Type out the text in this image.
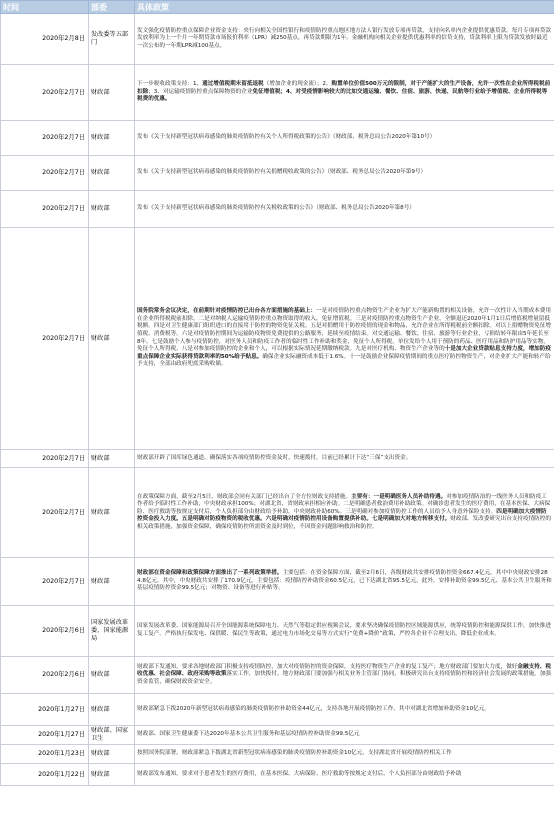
时间	部委	具体政策
2020年2月8日	发改委等五部门	发文强化疫情防控重点保障企业资金支持：央行向相关全国性银行和疫情防控重点地区地方法人银行发放专项再贷款，支持向名单内企业提供优惠贷款。每月专项再贷款发放利率为上一个月一年期贷款市场报价利率（LPR）减250基点。再贷款期限为1年。金融机构向相关企业提供优惠利率的信贷支持，贷款利率上限为贷款发放时最近一次公布的一年期LPR减100基点。
2020年2月7日	财政部	下一步税收政策支持：1、通过增值税期末留抵退税（增加企业的现金流）；2、购置单位价值500万元的限制，对于产能扩大的生产设备，允许一次性在企业所得税税前扣除；3、对运输疫情防控重点保障物资的企业免征增值税；4、对受疫情影响较大的比如交通运输、餐饮、住宿、旅游、快递、民航等行业给予增值税、企业所得税等税费的优惠。
2020年2月7日	财政部	发布《关于支持新型冠状病毒感染的肺炎疫情防控有关个人所得税政策的公告》（财政部、税务总局公告2020年第10号）
2020年2月7日	财政部	发布《关于支持新型冠状病毒感染的肺炎疫情防控有关捐赠税收政策的公告》（财政部、税务总局公告2020年第9号）
2020年2月7日	财政部	发布《关于支持新型冠状病毒感染的肺炎疫情防控有关税收政策的公告》（财政部、税务总局公告2020年第8号）
2020年2月7日	财政部	国务院常务会议决定，在前期针对疫情防控已出台各方面措施的基础上：一是对疫情防控重点物资生产企业为扩大产能新购置的相关设备，允许一次性计入当期成本费用在企业所得税税前扣除。二是对纳税人运输疫情防控重点物资取得的收入，免征增值税。三是对疫情防控重点物资生产企业，全额退还2020年1月1日后增值税增量留抵税额。四是对卫生健康部门组织进口的直接用于防控的物资免征关税。五是对捐赠用于防控疫情的现金和物品，允许企业在所得税税前全额扣除。对以上捐赠物资免征增值税、消费税等。六是对疫情防控期间为运输防疫物资免费提供的公路服务，延续至疫情结束。对交通运输、餐饮、住宿、旅游等行业企业，亏损结转年限由5年延长至8年。七是鼓励个人参与疫情防控，对医务人员和防疫工作者的临时性工作补助和奖金，免征个人所得税。单位发给个人用于预防的药品、医疗用品和防护用品等实物，免征个人所得税。八是对参加疫情防控的企业和个人，可以根据实际情况延期缴纳税款。九是对医疗机构、物资生产企业等的十是加大企业贷款贴息支持力度，增加防疫重点保障企业实际获得贷款利率的50%给予贴息。确保企业实际融资成本低于1.6%。十一是鼓励企业保障疫情期间的重点医疗防控物资生产，对企业扩大产能和转产给予支持，全部由政府兜底采购收储。
2020年2月7日	财政部	财政部开辟了国库绿色通道，确保落实各项疫情防控资金及时、快速拨付，目前已经累计下达“三保”支出资金。
2020年2月7日	财政部	在政策保障方面，截至2月5日，财政部会同有关部门已经出台了全方位财政支持措施。主要有：一是明确医务人员补助待遇。对参加疫情防治的一线医务人员和防疫工作者给予临时性工作补助，中央财政承担100%；对湖北省，省财政承担相应补助。二是明确患者救治费用补助政策。对确诊患者发生的医疗费用，在基本医保、大病保险、医疗救助等按规定支付后，个人负担部分由财政给予补助，中央财政补助60%。三是明确对参加疫情防控工作的人员给予人身意外保险支持。四是明确加大疫情防控资金投入力度。五是明确对防疫物资的税收优惠。六是明确对疫情防控用设备购置提供补助。七是明确加大对地方转移支付。财政部、发改委研究出台支持疫情防控的相关政策措施，加强资金保障，确保疫情防控所需资金及时到位，不因资金问题影响救治和防控。
2020年2月7日	财政部	财政部在资金保障和政策保障方面推出了一系列政策举措。主要包括：在资金保障方面，截至2月6日，各级财政共安排疫情防控资金667.4亿元，其中中央财政安排284.8亿元。其中，中央财政共安排了170.9亿元。主要包括：疫情防控补助资金60.5亿元，已下达湖北省95.5亿元，此外，安排补助资金99.5亿元、基本公共卫生服务和基层疫情防控资金99.5亿元；对物资、设备等进行补贴等。
2020年2月6日	国家发展改革委、国家能源局	国家发展改革委、国家能源局召开全国能源系统保障电力、天然气等稳定供应视频会议，要求坚决确保疫情防控区域能源供应，统筹疫情防控和能源保供工作，加快推进复工复产。严格执行保发电、保供暖、保民生等政策，通过电力市场化交易等方式实行“免费+降价”政策，严控各企业不合理支出，降低企业成本。
2020年2月6日	财政部	财政部下发通知，要求各地财政部门积极支持疫情防控，加大对疫情防控的资金保障，支持医疗物资生产企业的复工复产；地方财政部门要加大力度，做好金融支持、税收优惠、社会保障、政府采购等政策落实工作，加快拨付。地方财政部门要加强与相关业务主管部门协同，积极研究出台支持疫情防控和经济社会发展的政策措施，加强资金监管，确保财政资金安全。
2020年1月27日	财政部	财政部紧急下拨2020年新型冠状病毒感染的肺炎疫情防控补助资金44亿元，支持各地开展疫情防控工作，其中对湖北省增加补助资金10亿元。
2020年1月27日	财政部、国家卫生	财政部、国家卫生健康委下达2020年基本公共卫生服务和基层疫情防控补助资金99.5亿元
2020年1月23日	财政部	按照国务院部署，财政部紧急下拨湖北省新型冠状病毒感染的肺炎疫情防控补助资金10亿元，支持湖北省开展疫情防控相关工作
2020年1月22日	财政部	财政部发布通知，要求对于患者发生的医疗费用，在基本医保、大病保险、医疗救助等按规定支付后，个人负担部分由财政给予补助
